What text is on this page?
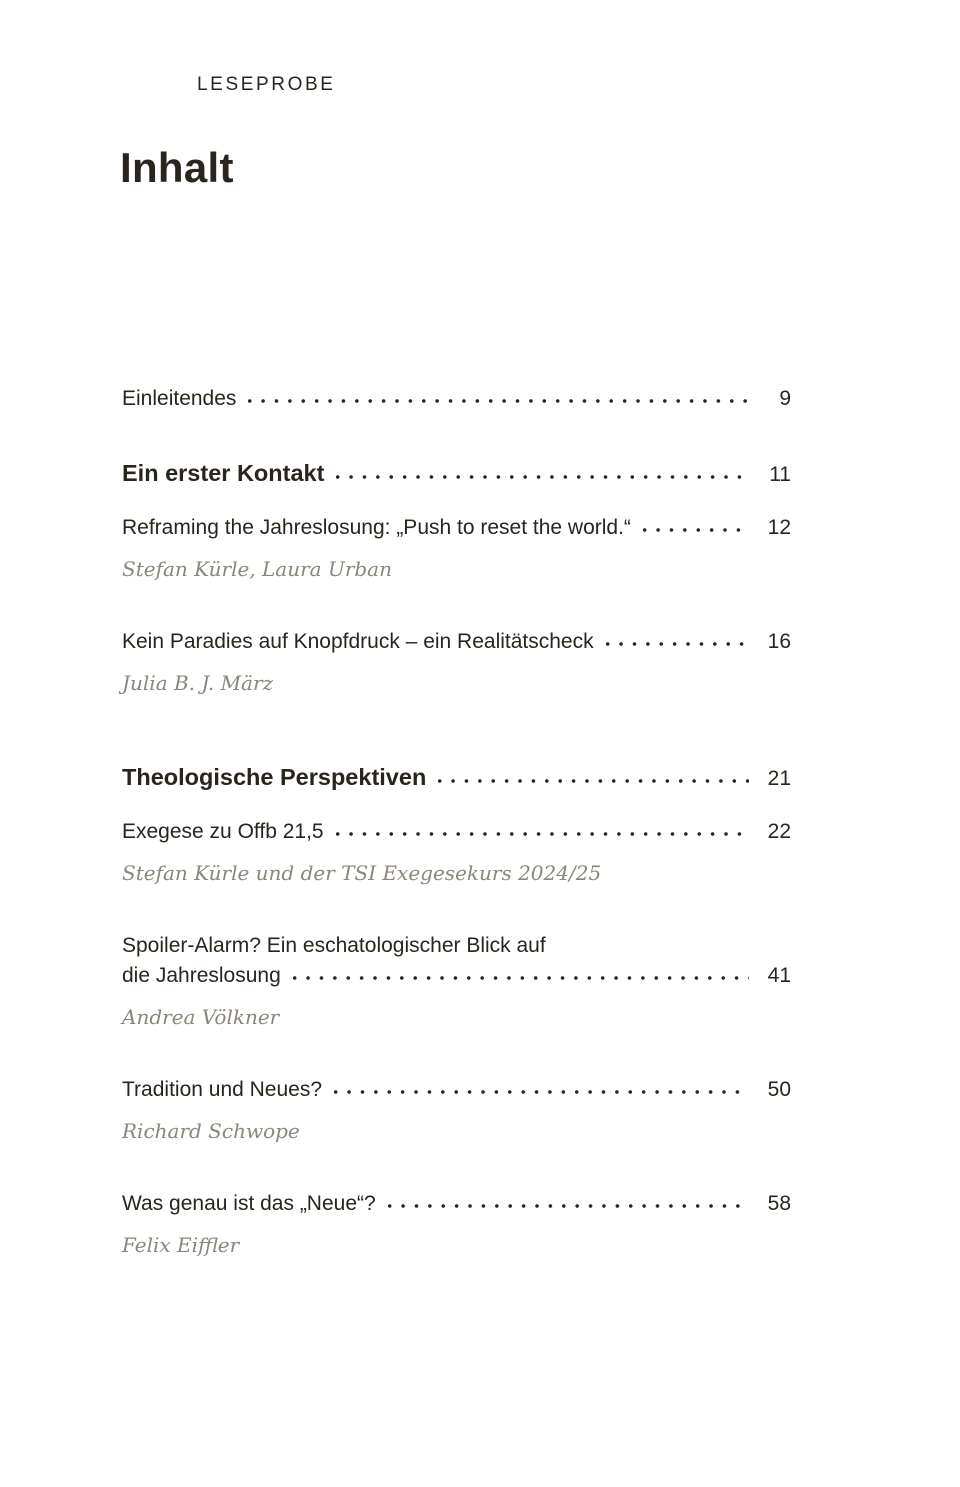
LESEPROBE
Inhalt
Einleitendes	9
Ein erster Kontakt	11
Reframing the Jahreslosung: „Push to reset the world.“	12
Stefan Kürle, Laura Urban
Kein Paradies auf Knopfdruck – ein Realitätscheck	16
Julia B. J. März
Theologische Perspektiven	21
Exegese zu Offb 21,5	22
Stefan Kürle und der TSI Exegesekurs 2024/25
Spoiler-Alarm? Ein eschatologischer Blick auf
die Jahreslosung	41
Andrea Völkner
Tradition und Neues?	50
Richard Schwope
Was genau ist das „Neue“?	58
Felix Eiffler
